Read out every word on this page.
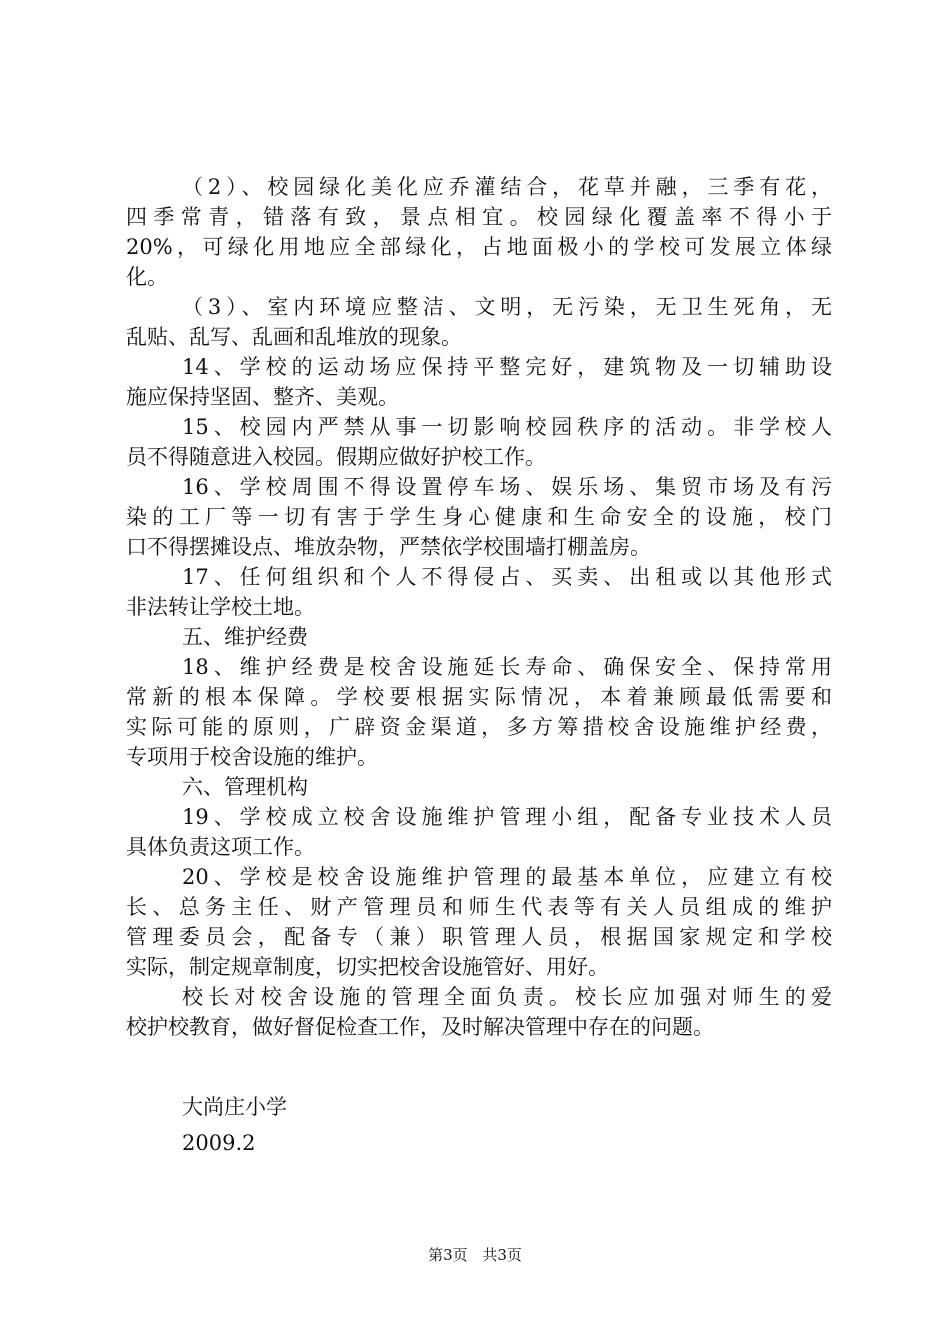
（2）、校园绿化美化应乔灌结合，花草并融，三季有花，
四季常青，错落有致，景点相宜。校园绿化覆盖率不得小于
20%，可绿化用地应全部绿化，占地面极小的学校可发展立体绿
化。
（3）、室内环境应整洁、文明，无污染，无卫生死角，无
乱贴、乱写、乱画和乱堆放的现象。
14、学校的运动场应保持平整完好，建筑物及一切辅助设
施应保持坚固、整齐、美观。
15、校园内严禁从事一切影响校园秩序的活动。非学校人
员不得随意进入校园。假期应做好护校工作。
16、学校周围不得设置停车场、娱乐场、集贸市场及有污
染的工厂等一切有害于学生身心健康和生命安全的设施，校门
口不得摆摊设点、堆放杂物，严禁依学校围墙打棚盖房。
17、任何组织和个人不得侵占、买卖、出租或以其他形式
非法转让学校土地。
五、维护经费
18、维护经费是校舍设施延长寿命、确保安全、保持常用
常新的根本保障。学校要根据实际情况，本着兼顾最低需要和
实际可能的原则，广辟资金渠道，多方筹措校舍设施维护经费，
专项用于校舍设施的维护。
六、管理机构
19、学校成立校舍设施维护管理小组，配备专业技术人员
具体负责这项工作。
20、学校是校舍设施维护管理的最基本单位，应建立有校
长、总务主任、财产管理员和师生代表等有关人员组成的维护
管理委员会，配备专（兼）职管理人员，根据国家规定和学校
实际，制定规章制度，切实把校舍设施管好、用好。
校长对校舍设施的管理全面负责。校长应加强对师生的爱
校护校教育，做好督促检查工作，及时解决管理中存在的问题。
大尚庄小学
2009.2
第3页 共3页
